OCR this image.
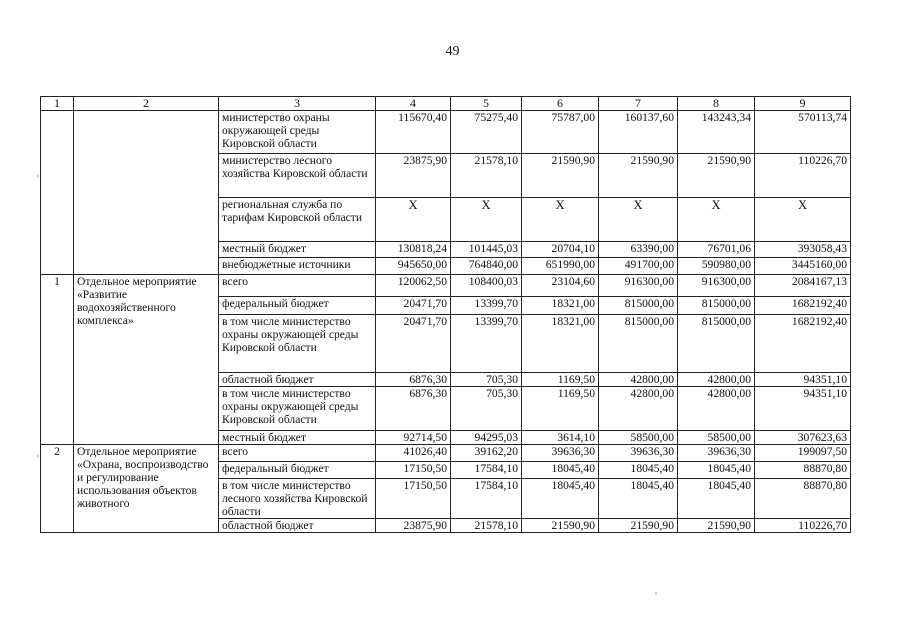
49
1	2	3	4	5	6	7	8	9
		министерство охраны окружающей среды Кировской области	115670,40	75275,40	75787,00	160137,60	143243,34	570113,74
		министерство лесного хозяйства Кировской области	23875,90	21578,10	21590,90	21590,90	21590,90	110226,70
		региональная служба по тарифам Кировской области	X	X	X	X	X	X
		местный бюджет	130818,24	101445,03	20704,10	63390,00	76701,06	393058,43
		внебюджетные источники	945650,00	764840,00	651990,00	491700,00	590980,00	3445160,00
1	Отдельное мероприятие «Развитие водохозяйственного комплекса»	всего	120062,50	108400,03	23104,60	916300,00	916300,00	2084167,13
		федеральный бюджет	20471,70	13399,70	18321,00	815000,00	815000,00	1682192,40
		в том числе министерство охраны окружающей среды Кировской области	20471,70	13399,70	18321,00	815000,00	815000,00	1682192,40
		областной бюджет	6876,30	705,30	1169,50	42800,00	42800,00	94351,10
		в том числе министерство охраны окружающей среды Кировской области	6876,30	705,30	1169,50	42800,00	42800,00	94351,10
		местный бюджет	92714,50	94295,03	3614,10	58500,00	58500,00	307623,63
2	Отдельное мероприятие «Охрана, воспроизводство и регулирование использования объектов животного	всего	41026,40	39162,20	39636,30	39636,30	39636,30	199097,50
		федеральный бюджет	17150,50	17584,10	18045,40	18045,40	18045,40	88870,80
		в том числе министерство лесного хозяйства Кировской области	17150,50	17584,10	18045,40	18045,40	18045,40	88870,80
		областной бюджет	23875,90	21578,10	21590,90	21590,90	21590,90	110226,70
